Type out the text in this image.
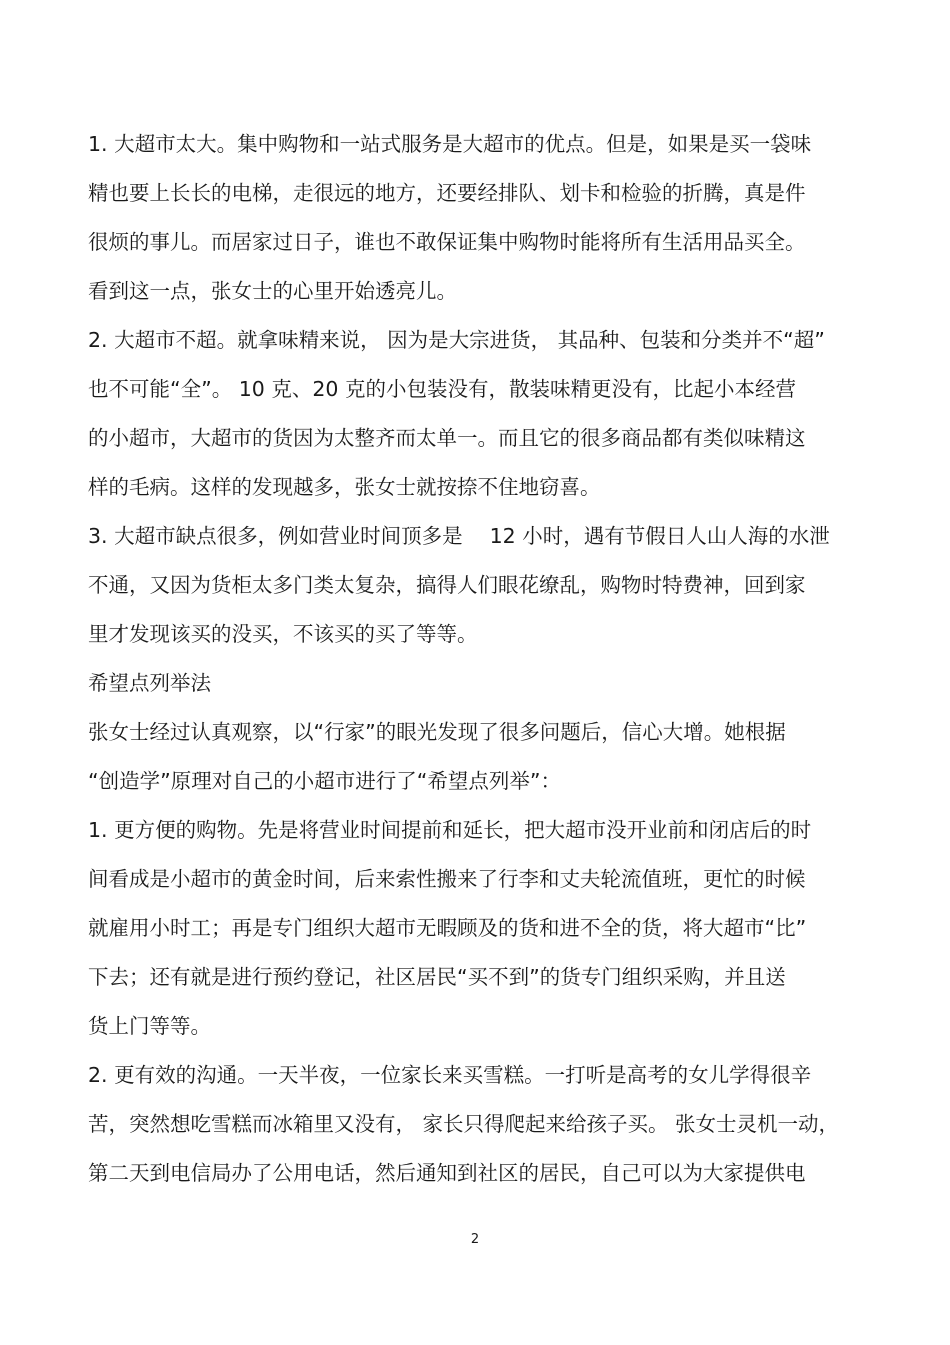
1. 大超市太大。集中购物和一站式服务是大超市的优点。但是，如果是买一袋味
精也要上长长的电梯，走很远的地方，还要经排队、划卡和检验的折腾，真是件
很烦的事儿。而居家过日子，谁也不敢保证集中购物时能将所有生活用品买全。
看到这一点，张女士的心里开始透亮儿。
2. 大超市不超。就拿味精来说， 因为是大宗进货， 其品种、包装和分类并不“超”
也不可能“全”。 10 克、20 克的小包装没有，散装味精更没有，比起小本经营
的小超市，大超市的货因为太整齐而太单一。而且它的很多商品都有类似味精这
样的毛病。这样的发现越多，张女士就按捺不住地窃喜。
3. 大超市缺点很多，例如营业时间顶多是　 12 小时，遇有节假日人山人海的水泄
不通，又因为货柜太多门类太复杂，搞得人们眼花缭乱，购物时特费神，回到家
里才发现该买的没买，不该买的买了等等。
希望点列举法
张女士经过认真观察，以“行家”的眼光发现了很多问题后，信心大增。她根据
“创造学”原理对自己的小超市进行了“希望点列举”：
1. 更方便的购物。先是将营业时间提前和延长，把大超市没开业前和闭店后的时
间看成是小超市的黄金时间，后来索性搬来了行李和丈夫轮流值班，更忙的时候
就雇用小时工；再是专门组织大超市无暇顾及的货和进不全的货，将大超市“比”
下去；还有就是进行预约登记，社区居民“买不到”的货专门组织采购，并且送
货上门等等。
2. 更有效的沟通。一天半夜，一位家长来买雪糕。一打听是高考的女儿学得很辛
苦，突然想吃雪糕而冰箱里又没有， 家长只得爬起来给孩子买。 张女士灵机一动，
第二天到电信局办了公用电话，然后通知到社区的居民，自己可以为大家提供电
2
